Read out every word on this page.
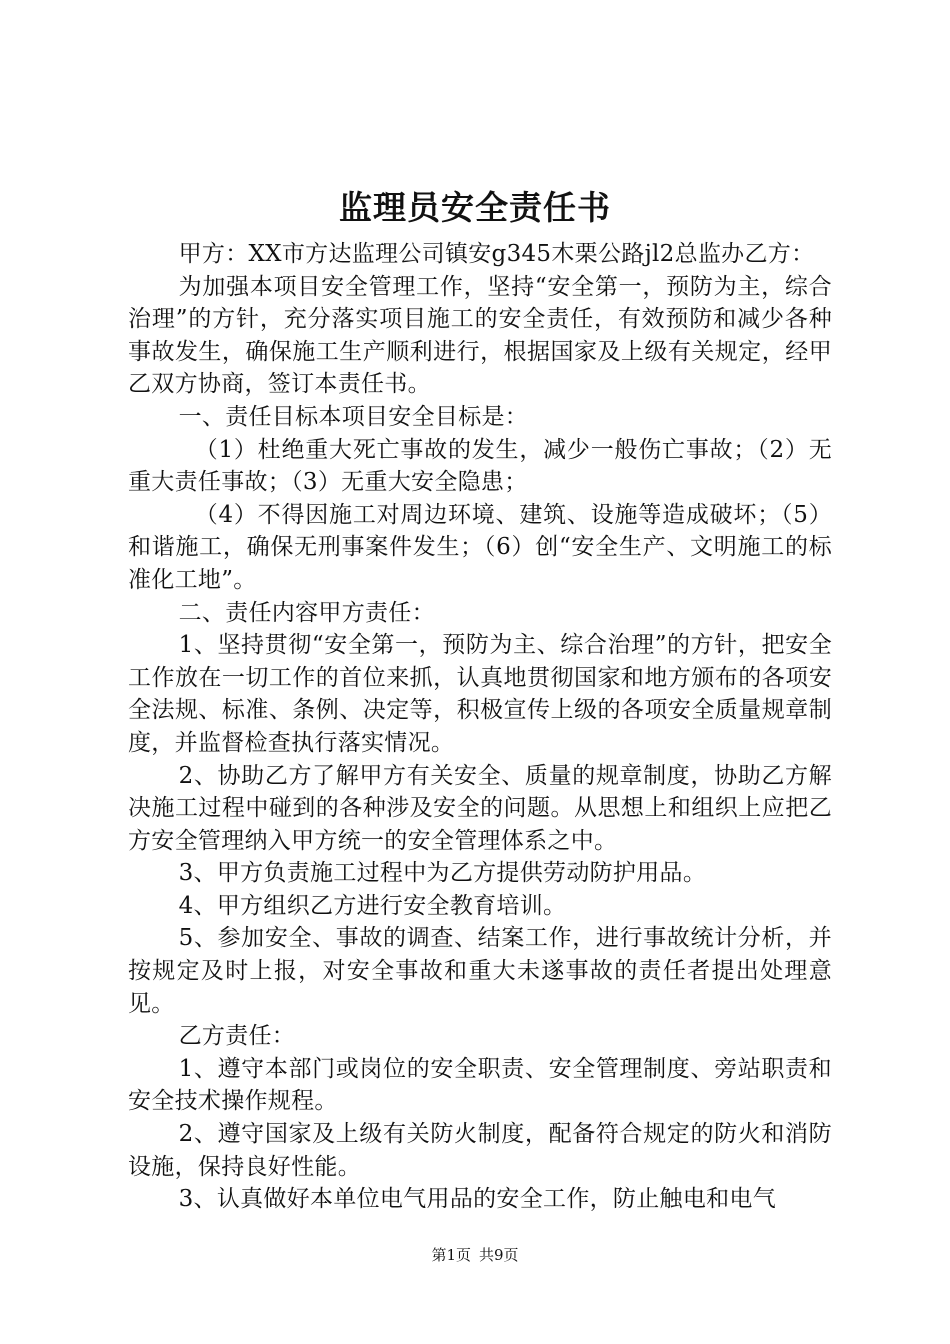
监理员安全责任书

甲方：XX市方达监理公司镇安g345木栗公路jl2总监办乙方：

为加强本项目安全管理工作，坚持“安全第一，预防为主，综合治理”的方针，充分落实项目施工的安全责任，有效预防和减少各种事故发生，确保施工生产顺利进行，根据国家及上级有关规定，经甲乙双方协商，签订本责任书。

一、责任目标本项目安全目标是：

（1）杜绝重大死亡事故的发生，减少一般伤亡事故；（2）无重大责任事故；（3）无重大安全隐患；

（4）不得因施工对周边环境、建筑、设施等造成破坏；（5）和谐施工，确保无刑事案件发生；（6）创“安全生产、文明施工的标准化工地”。

二、责任内容甲方责任：

1、坚持贯彻“安全第一，预防为主、综合治理”的方针，把安全工作放在一切工作的首位来抓，认真地贯彻国家和地方颁布的各项安全法规、标准、条例、决定等，积极宣传上级的各项安全质量规章制度，并监督检查执行落实情况。

2、协助乙方了解甲方有关安全、质量的规章制度，协助乙方解决施工过程中碰到的各种涉及安全的问题。从思想上和组织上应把乙方安全管理纳入甲方统一的安全管理体系之中。

3、甲方负责施工过程中为乙方提供劳动防护用品。

4、甲方组织乙方进行安全教育培训。

5、参加安全、事故的调查、结案工作，进行事故统计分析，并按规定及时上报，对安全事故和重大未遂事故的责任者提出处理意见。

乙方责任：

1、遵守本部门或岗位的安全职责、安全管理制度、旁站职责和安全技术操作规程。

2、遵守国家及上级有关防火制度，配备符合规定的防火和消防设施，保持良好性能。

3、认真做好本单位电气用品的安全工作，防止触电和电气

第1页 共9页
